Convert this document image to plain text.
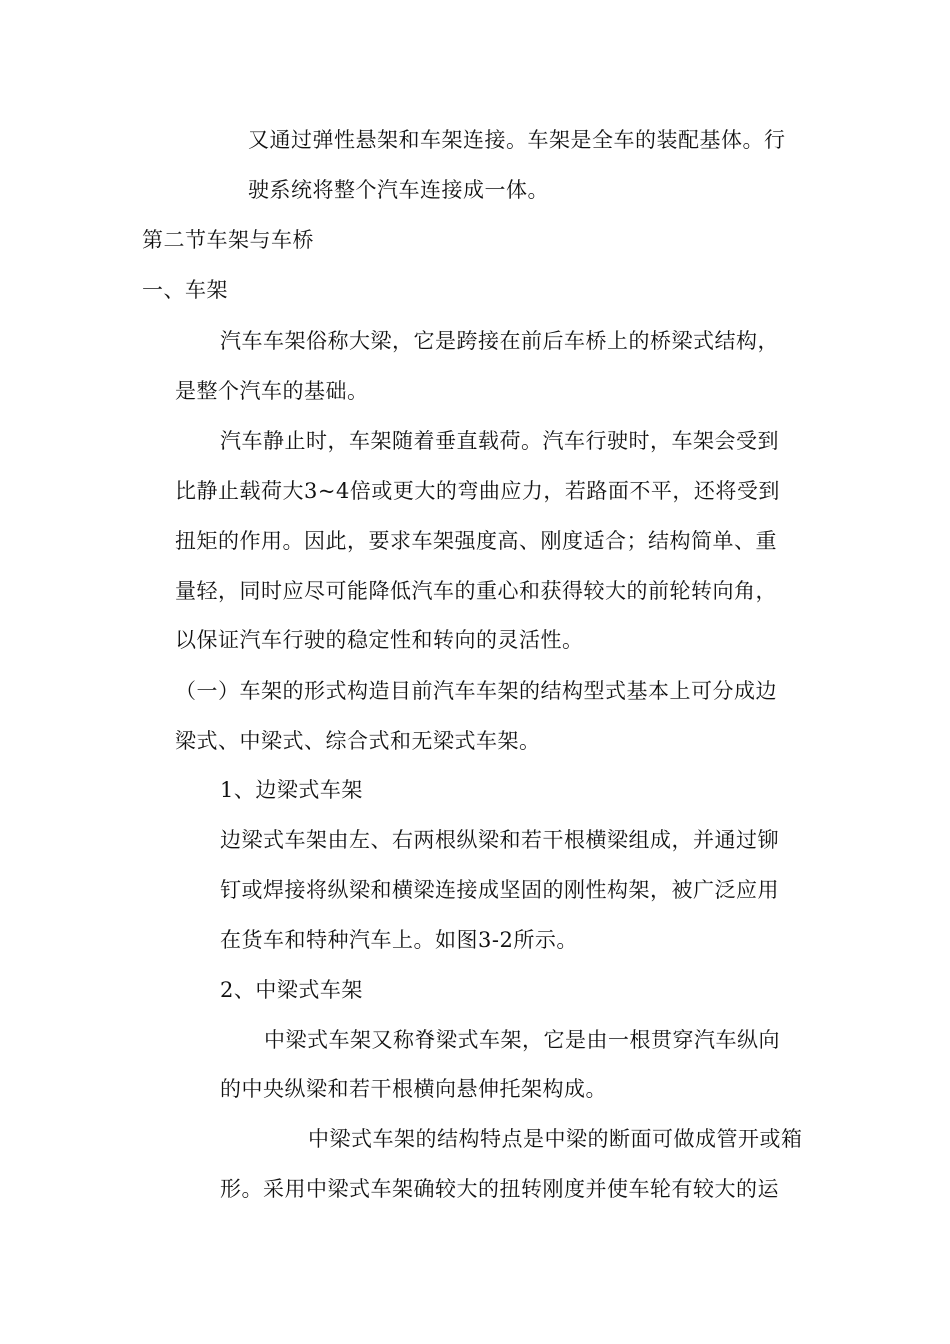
又通过弹性悬架和车架连接。车架是全车的装配基体。行
驶系统将整个汽车连接成一体。
第二节车架与车桥
一、车架
汽车车架俗称大梁，它是跨接在前后车桥上的桥梁式结构，
是整个汽车的基础。
汽车静止时，车架随着垂直载荷。汽车行驶时，车架会受到
比静止载荷大3~4倍或更大的弯曲应力，若路面不平，还将受到
扭矩的作用。因此，要求车架强度高、刚度适合；结构简单、重
量轻，同时应尽可能降低汽车的重心和获得较大的前轮转向角，
以保证汽车行驶的稳定性和转向的灵活性。
（一）车架的形式构造目前汽车车架的结构型式基本上可分成边
梁式、中梁式、综合式和无梁式车架。
1、边梁式车架
边梁式车架由左、右两根纵梁和若干根横梁组成，并通过铆
钉或焊接将纵梁和横梁连接成坚固的刚性构架，被广泛应用
在货车和特种汽车上。如图3-2所示。
2、中梁式车架
中梁式车架又称脊梁式车架，它是由一根贯穿汽车纵向
的中央纵梁和若干根横向悬伸托架构成。
中梁式车架的结构特点是中梁的断面可做成管开或箱
形。采用中梁式车架确较大的扭转刚度并使车轮有较大的运
